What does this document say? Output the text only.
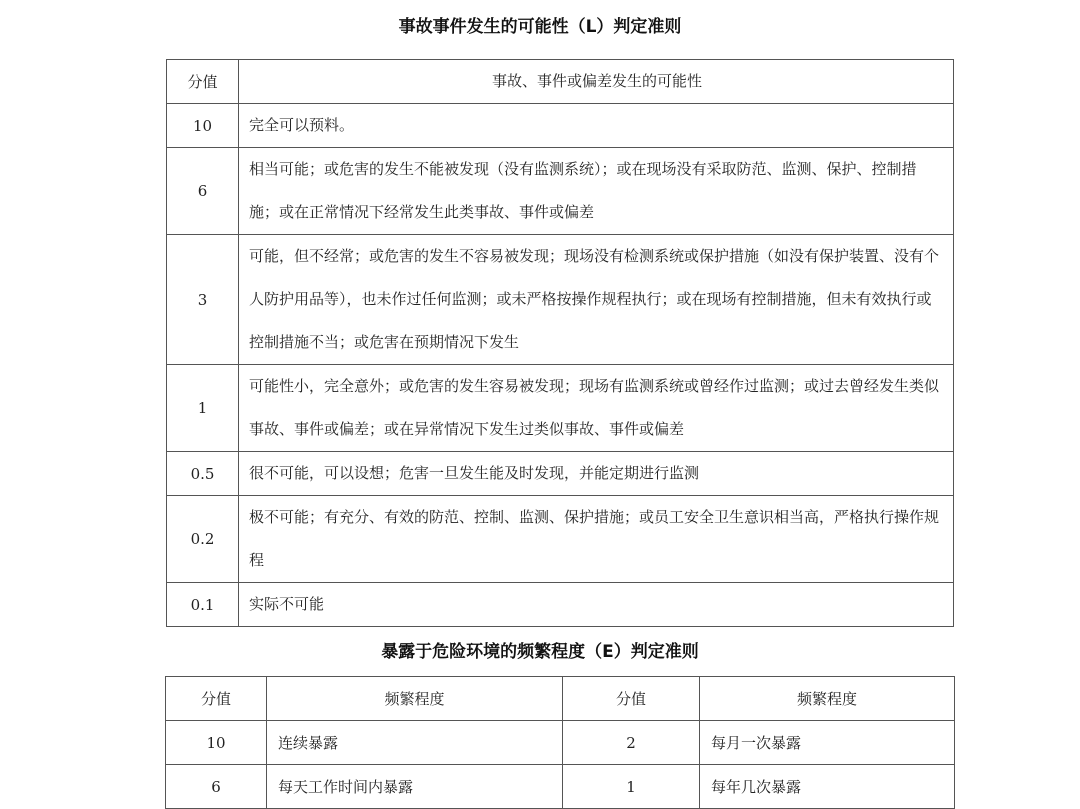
事故事件发生的可能性（L）判定准则
分值	事故、事件或偏差发生的可能性
10	完全可以预料。
6	相当可能；或危害的发生不能被发现（没有监测系统）；或在现场没有采取防范、监测、保护、控制措施；或在正常情况下经常发生此类事故、事件或偏差
3	可能，但不经常；或危害的发生不容易被发现；现场没有检测系统或保护措施（如没有保护装置、没有个人防护用品等），也未作过任何监测；或未严格按操作规程执行；或在现场有控制措施，但未有效执行或控制措施不当；或危害在预期情况下发生
1	可能性小，完全意外；或危害的发生容易被发现；现场有监测系统或曾经作过监测；或过去曾经发生类似事故、事件或偏差；或在异常情况下发生过类似事故、事件或偏差
0.5	很不可能，可以设想；危害一旦发生能及时发现，并能定期进行监测
0.2	极不可能；有充分、有效的防范、控制、监测、保护措施；或员工安全卫生意识相当高，严格执行操作规程
0.1	实际不可能
暴露于危险环境的频繁程度（E）判定准则
分值	频繁程度	分值	频繁程度
10	连续暴露	2	每月一次暴露
6	每天工作时间内暴露	1	每年几次暴露
